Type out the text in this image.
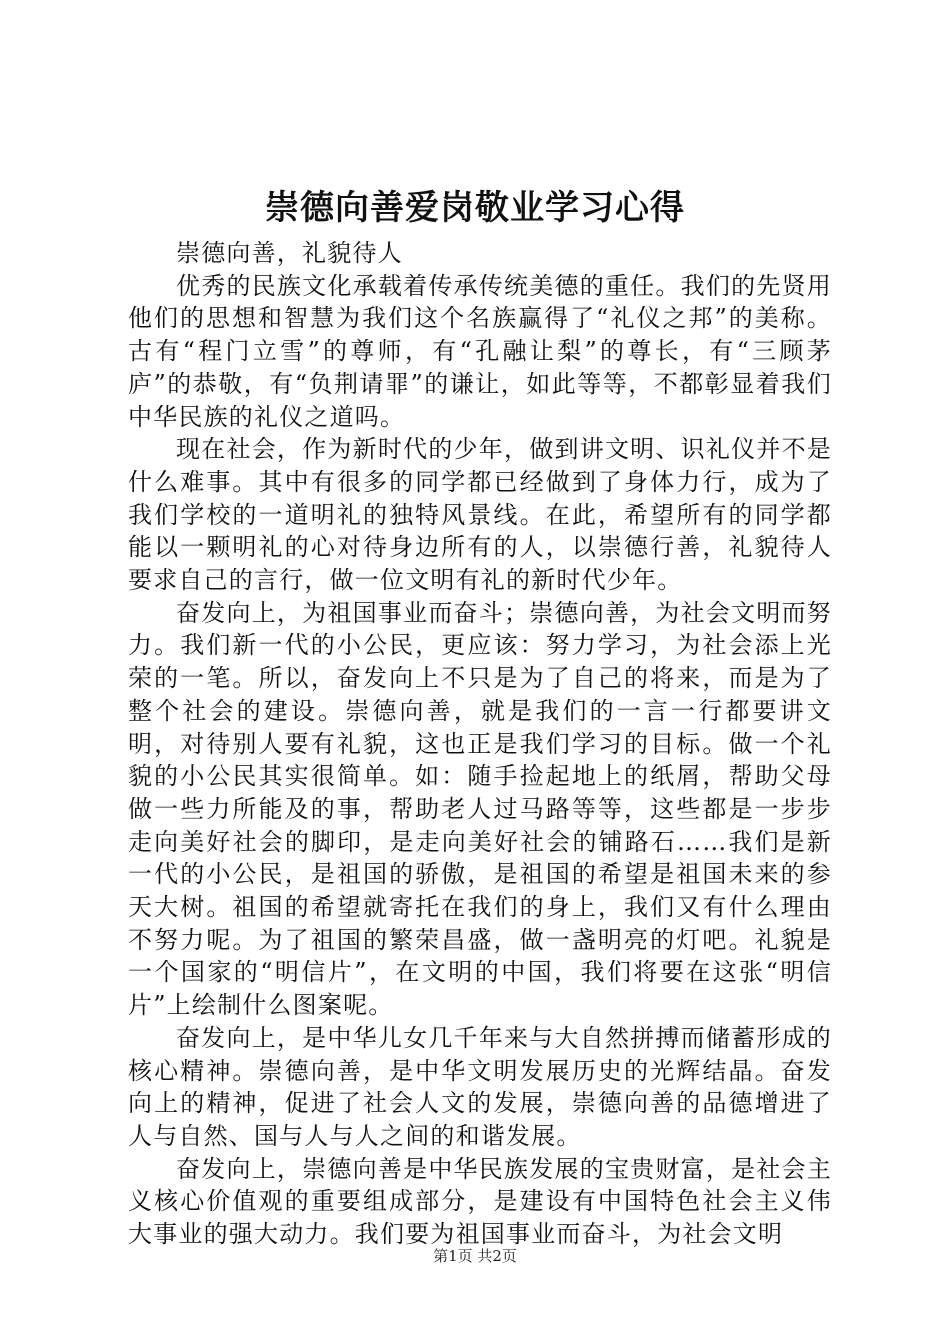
崇德向善爱岗敬业学习心得

崇德向善，礼貌待人

优秀的民族文化承载着传承传统美德的重任。我们的先贤用他们的思想和智慧为我们这个名族赢得了“礼仪之邦”的美称。古有“程门立雪”的尊师，有“孔融让梨”的尊长，有“三顾茅庐”的恭敬，有“负荆请罪”的谦让，如此等等，不都彰显着我们中华民族的礼仪之道吗。

现在社会，作为新时代的少年，做到讲文明、识礼仪并不是什么难事。其中有很多的同学都已经做到了身体力行，成为了我们学校的一道明礼的独特风景线。在此，希望所有的同学都能以一颗明礼的心对待身边所有的人，以崇德行善，礼貌待人要求自己的言行，做一位文明有礼的新时代少年。

奋发向上，为祖国事业而奋斗；崇德向善，为社会文明而努力。我们新一代的小公民，更应该：努力学习，为社会添上光荣的一笔。所以，奋发向上不只是为了自己的将来，而是为了整个社会的建设。崇德向善，就是我们的一言一行都要讲文明，对待别人要有礼貌，这也正是我们学习的目标。做一个礼貌的小公民其实很简单。如：随手捡起地上的纸屑，帮助父母做一些力所能及的事，帮助老人过马路等等，这些都是一步步走向美好社会的脚印，是走向美好社会的铺路石……我们是新一代的小公民，是祖国的骄傲，是祖国的希望是祖国未来的参天大树。祖国的希望就寄托在我们的身上，我们又有什么理由不努力呢。为了祖国的繁荣昌盛，做一盏明亮的灯吧。礼貌是一个国家的“明信片”，在文明的中国，我们将要在这张“明信片”上绘制什么图案呢。

奋发向上，是中华儿女几千年来与大自然拼搏而储蓄形成的核心精神。崇德向善，是中华文明发展历史的光辉结晶。奋发向上的精神，促进了社会人文的发展，崇德向善的品德增进了人与自然、国与人与人之间的和谐发展。

奋发向上，崇德向善是中华民族发展的宝贵财富，是社会主义核心价值观的重要组成部分，是建设有中国特色社会主义伟大事业的强大动力。我们要为祖国事业而奋斗，为社会文明

第1页 共2页
